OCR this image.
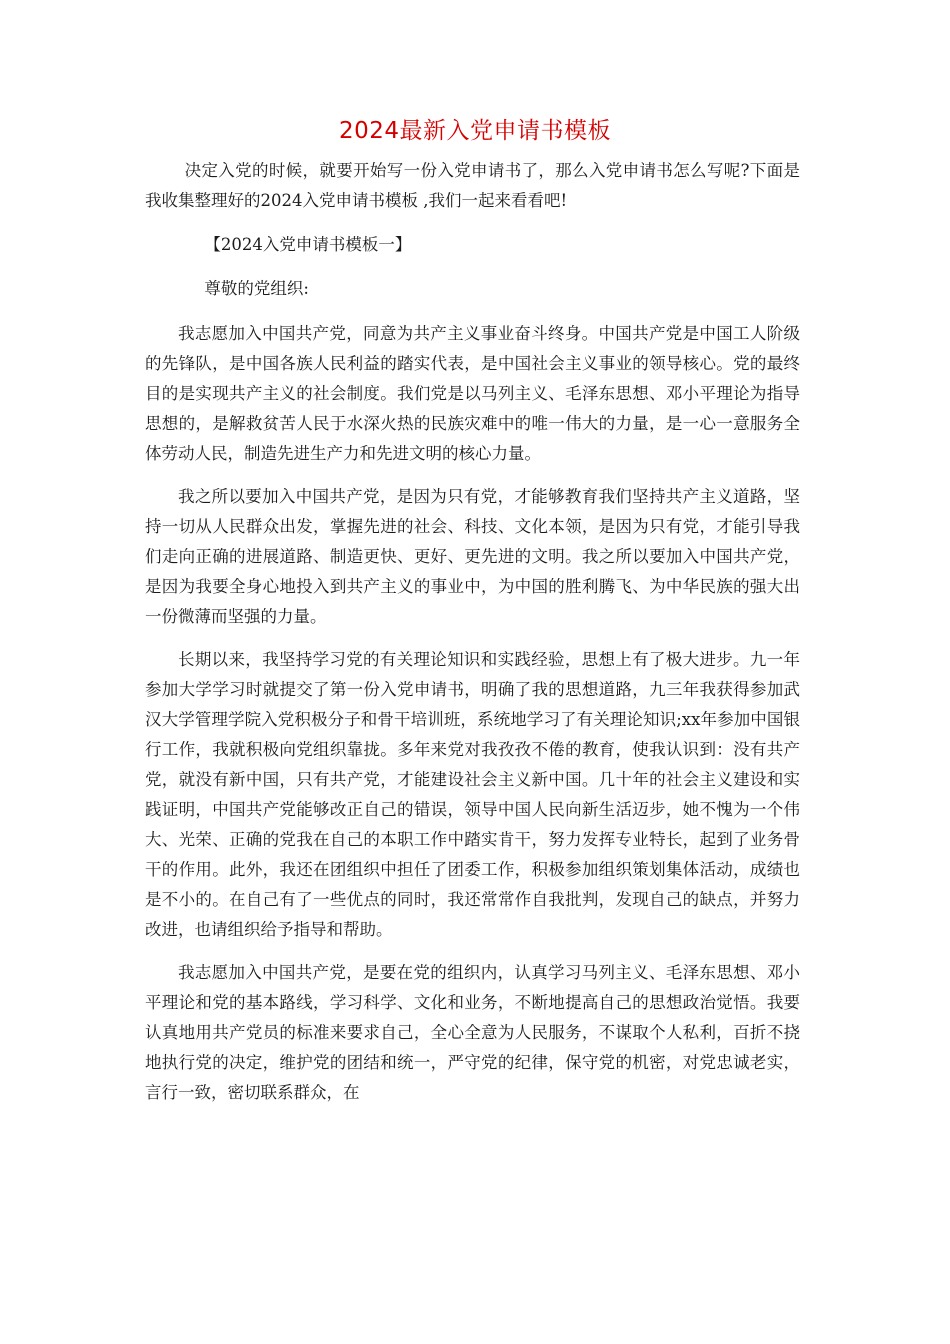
2024最新入党申请书模板

决定入党的时候，就要开始写一份入党申请书了，那么入党申请书怎么写呢?下面是我收集整理好的2024入党申请书模板 ,我们一起来看看吧!

【2024入党申请书模板一】

尊敬的党组织:

我志愿加入中国共产党，同意为共产主义事业奋斗终身。中国共产党是中国工人阶级的先锋队，是中国各族人民利益的踏实代表，是中国社会主义事业的领导核心。党的最终目的是实现共产主义的社会制度。我们党是以马列主义、毛泽东思想、邓小平理论为指导思想的，是解救贫苦人民于水深火热的民族灾难中的唯一伟大的力量，是一心一意服务全体劳动人民，制造先进生产力和先进文明的核心力量。

我之所以要加入中国共产党，是因为只有党，才能够教育我们坚持共产主义道路，坚持一切从人民群众出发，掌握先进的社会、科技、文化本领，是因为只有党，才能引导我们走向正确的进展道路、制造更快、更好、更先进的文明。我之所以要加入中国共产党，是因为我要全身心地投入到共产主义的事业中，为中国的胜利腾飞、为中华民族的强大出一份微薄而坚强的力量。

长期以来，我坚持学习党的有关理论知识和实践经验，思想上有了极大进步。九一年参加大学学习时就提交了第一份入党申请书，明确了我的思想道路，九三年我获得参加武汉大学管理学院入党积极分子和骨干培训班，系统地学习了有关理论知识;xx年参加中国银行工作，我就积极向党组织靠拢。多年来党对我孜孜不倦的教育，使我认识到：没有共产党，就没有新中国，只有共产党，才能建设社会主义新中国。几十年的社会主义建设和实践证明，中国共产党能够改正自己的错误，领导中国人民向新生活迈步，她不愧为一个伟大、光荣、正确的党我在自己的本职工作中踏实肯干，努力发挥专业特长，起到了业务骨干的作用。此外，我还在团组织中担任了团委工作，积极参加组织策划集体活动，成绩也是不小的。在自己有了一些优点的同时，我还常常作自我批判，发现自己的缺点，并努力改进，也请组织给予指导和帮助。

我志愿加入中国共产党，是要在党的组织内，认真学习马列主义、毛泽东思想、邓小平理论和党的基本路线，学习科学、文化和业务，不断地提高自己的思想政治觉悟。我要认真地用共产党员的标准来要求自己，全心全意为人民服务，不谋取个人私利，百折不挠地执行党的决定，维护党的团结和统一，严守党的纪律，保守党的机密，对党忠诚老实，言行一致，密切联系群众，在
